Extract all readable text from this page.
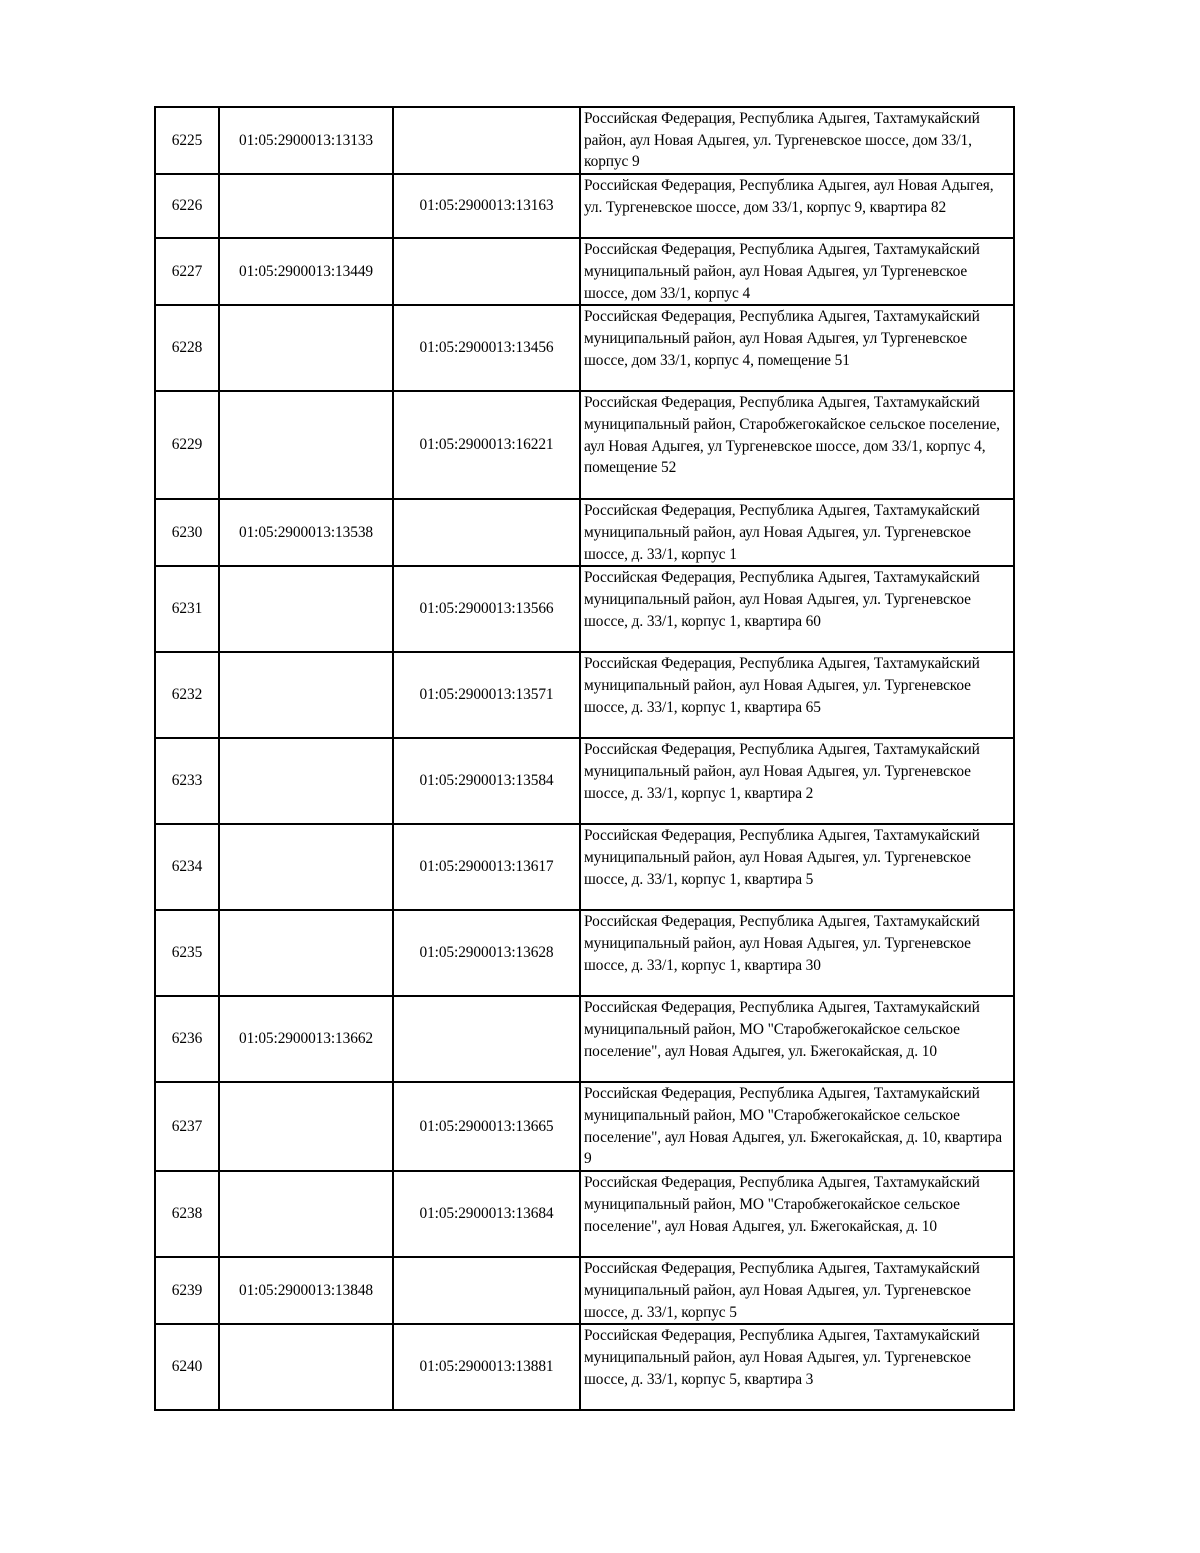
6225	01:05:2900013:13133		Российская Федерация, Республика Адыгея, Тахтамукайский район, аул Новая Адыгея, ул. Тургеневское шоссе, дом 33/1, корпус 9
6226		01:05:2900013:13163	Российская Федерация, Республика Адыгея, аул Новая Адыгея, ул. Тургеневское шоссе, дом 33/1, корпус 9, квартира 82
6227	01:05:2900013:13449		Российская Федерация, Республика Адыгея, Тахтамукайский муниципальный район, аул Новая Адыгея, ул Тургеневское шоссе, дом 33/1, корпус 4
6228		01:05:2900013:13456	Российская Федерация, Республика Адыгея, Тахтамукайский муниципальный район, аул Новая Адыгея, ул Тургеневское шоссе, дом 33/1, корпус 4, помещение 51
6229		01:05:2900013:16221	Российская Федерация, Республика Адыгея, Тахтамукайский муниципальный район, Старобжегокайское сельское поселение, аул Новая Адыгея, ул Тургеневское шоссе, дом 33/1, корпус 4, помещение 52
6230	01:05:2900013:13538		Российская Федерация, Республика Адыгея, Тахтамукайский муниципальный район, аул Новая Адыгея, ул. Тургеневское шоссе, д. 33/1, корпус 1
6231		01:05:2900013:13566	Российская Федерация, Республика Адыгея, Тахтамукайский муниципальный район, аул Новая Адыгея, ул. Тургеневское шоссе, д. 33/1, корпус 1, квартира 60
6232		01:05:2900013:13571	Российская Федерация, Республика Адыгея, Тахтамукайский муниципальный район, аул Новая Адыгея, ул. Тургеневское шоссе, д. 33/1, корпус 1, квартира 65
6233		01:05:2900013:13584	Российская Федерация, Республика Адыгея, Тахтамукайский муниципальный район, аул Новая Адыгея, ул. Тургеневское шоссе, д. 33/1, корпус 1, квартира 2
6234		01:05:2900013:13617	Российская Федерация, Республика Адыгея, Тахтамукайский муниципальный район, аул Новая Адыгея, ул. Тургеневское шоссе, д. 33/1, корпус 1, квартира 5
6235		01:05:2900013:13628	Российская Федерация, Республика Адыгея, Тахтамукайский муниципальный район, аул Новая Адыгея, ул. Тургеневское шоссе, д. 33/1, корпус 1, квартира 30
6236	01:05:2900013:13662		Российская Федерация, Республика Адыгея, Тахтамукайский муниципальный район, МО "Старобжегокайское сельское поселение", аул Новая Адыгея, ул. Бжегокайская, д. 10
6237		01:05:2900013:13665	Российская Федерация, Республика Адыгея, Тахтамукайский муниципальный район, МО "Старобжегокайское сельское поселение", аул Новая Адыгея, ул. Бжегокайская, д. 10, квартира 9
6238		01:05:2900013:13684	Российская Федерация, Республика Адыгея, Тахтамукайский муниципальный район, МО "Старобжегокайское сельское поселение", аул Новая Адыгея, ул. Бжегокайская, д. 10
6239	01:05:2900013:13848		Российская Федерация, Республика Адыгея, Тахтамукайский муниципальный район, аул Новая Адыгея, ул. Тургеневское шоссе, д. 33/1, корпус 5
6240		01:05:2900013:13881	Российская Федерация, Республика Адыгея, Тахтамукайский муниципальный район, аул Новая Адыгея, ул. Тургеневское шоссе, д. 33/1, корпус 5, квартира 3
